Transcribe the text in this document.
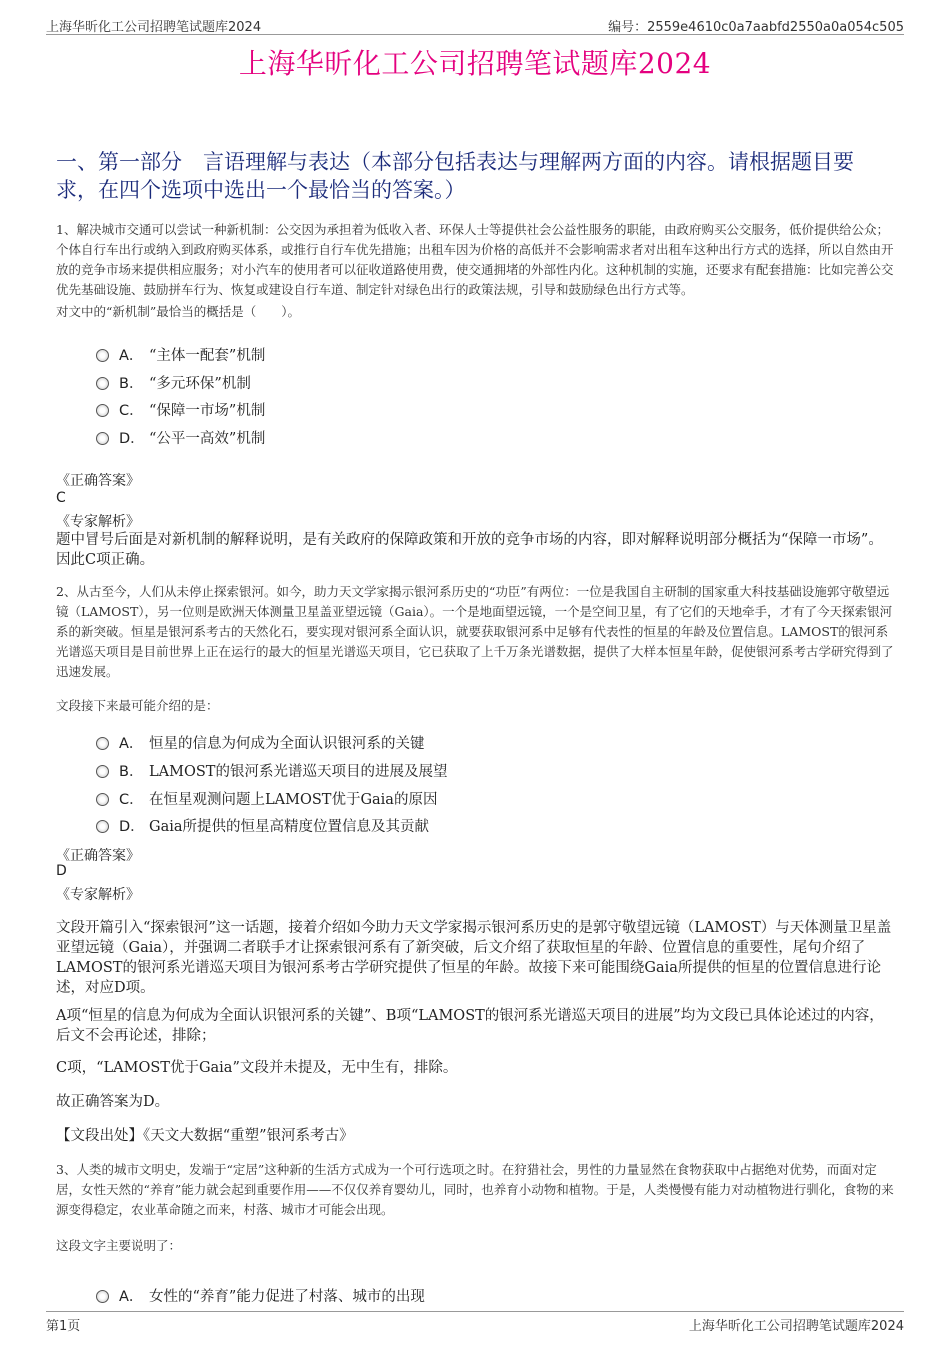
上海华昕化工公司招聘笔试题库2024	编号：2559e4610c0a7aabfd2550a0a054c505
上海华昕化工公司招聘笔试题库2024
一、第一部分　言语理解与表达（本部分包括表达与理解两方面的内容。请根据题目要求，在四个选项中选出一个最恰当的答案。）

1、解决城市交通可以尝试一种新机制：公交因为承担着为低收入者、环保人士等提供社会公益性服务的职能，由政府购买公交服务，低价提供给公众；个体自行车出行或纳入到政府购买体系，或推行自行车优先措施；出租车因为价格的高低并不会影响需求者对出租车这种出行方式的选择，所以自然由开放的竞争市场来提供相应服务；对小汽车的使用者可以征收道路使用费，使交通拥堵的外部性内化。这种机制的实施，还要求有配套措施：比如完善公交优先基础设施、鼓励拼车行为、恢复或建设自行车道、制定针对绿色出行的政策法规，引导和鼓励绿色出行方式等。

对文中的“新机制”最恰当的概括是（　　）。

A． “主体一配套”机制
B． “多元环保”机制
C． “保障一市场”机制
D． “公平一高效”机制
《正确答案》
C
《专家解析》
题中冒号后面是对新机制的解释说明，是有关政府的保障政策和开放的竞争市场的内容，即对解释说明部分概括为“保障一市场”。因此C项正确。

2、从古至今，人们从未停止探索银河。如今，助力天文学家揭示银河系历史的“功臣”有两位：一位是我国自主研制的国家重大科技基础设施郭守敬望远镜（LAMOST），另一位则是欧洲天体测量卫星盖亚望远镜（Gaia）。一个是地面望远镜，一个是空间卫星，有了它们的天地牵手，才有了今天探索银河系的新突破。恒星是银河系考古的天然化石，要实现对银河系全面认识，就要获取银河系中足够有代表性的恒星的年龄及位置信息。LAMOST的银河系光谱巡天项目是目前世界上正在运行的最大的恒星光谱巡天项目，它已获取了上千万条光谱数据，提供了大样本恒星年龄，促使银河系考古学研究得到了迅速发展。

文段接下来最可能介绍的是：

A． 恒星的信息为何成为全面认识银河系的关键
B． LAMOST的银河系光谱巡天项目的进展及展望
C． 在恒星观测问题上LAMOST优于Gaia的原因
D． Gaia所提供的恒星高精度位置信息及其贡献
《正确答案》
D
《专家解析》
文段开篇引入“探索银河”这一话题，接着介绍如今助力天文学家揭示银河系历史的是郭守敬望远镜（LAMOST）与天体测量卫星盖亚望远镜（Gaia），并强调二者联手才让探索银河系有了新突破，后文介绍了获取恒星的年龄、位置信息的重要性，尾句介绍了LAMOST的银河系光谱巡天项目为银河系考古学研究提供了恒星的年龄。故接下来可能围绕Gaia所提供的恒星的位置信息进行论述，对应D项。
A项“恒星的信息为何成为全面认识银河系的关键”、B项“LAMOST的银河系光谱巡天项目的进展”均为文段已具体论述过的内容，后文不会再论述，排除；
C项，“LAMOST优于Gaia”文段并未提及，无中生有，排除。
故正确答案为D。
【文段出处】《天文大数据“重塑”银河系考古》

3、人类的城市文明史，发端于“定居”这种新的生活方式成为一个可行选项之时。在狩猎社会，男性的力量显然在食物获取中占据绝对优势，而面对定居，女性天然的“养育”能力就会起到重要作用——不仅仅养育婴幼儿，同时，也养育小动物和植物。于是，人类慢慢有能力对动植物进行驯化，食物的来源变得稳定，农业革命随之而来，村落、城市才可能会出现。

这段文字主要说明了：

A． 女性的“养育”能力促进了村落、城市的出现
第1页	上海华昕化工公司招聘笔试题库2024
